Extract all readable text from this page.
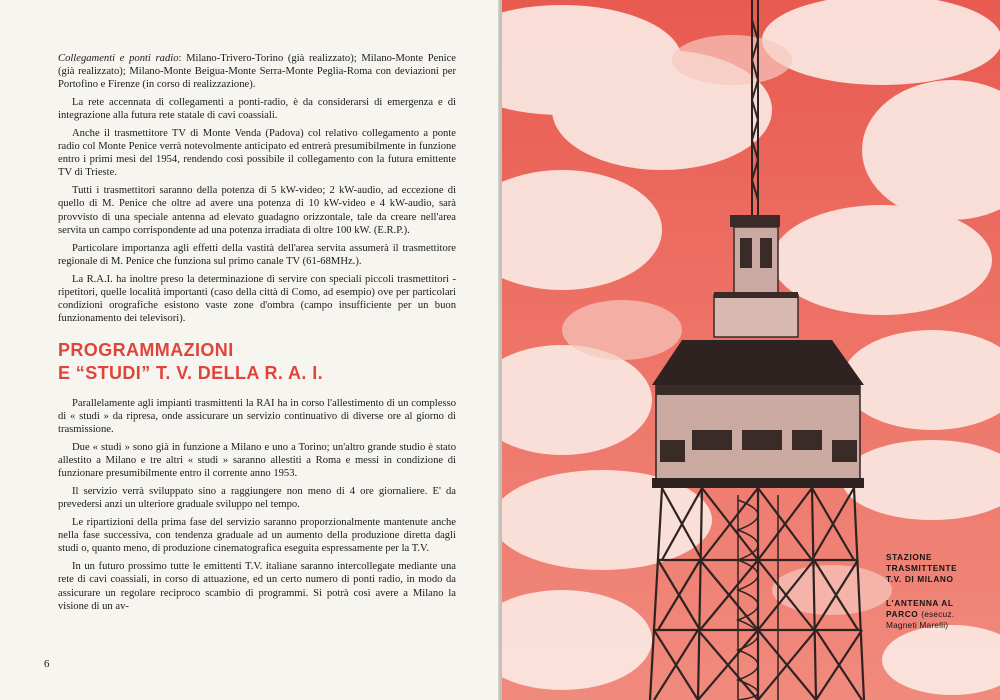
Collegamenti e ponti radio: Milano-Trivero-Torino (già realizzato); Milano-Monte Penice (già realizzato); Milano-Monte Beigua-Monte Serra-Monte Peglia-Roma con deviazioni per Portofino e Firenze (in corso di realizzazione).

La rete accennata di collegamenti a ponti-radio, è da considerarsi di emergenza e di integrazione alla futura rete statale di cavi coassiali.

Anche il trasmettitore TV di Monte Venda (Padova) col relativo collegamento a ponte radio col Monte Penice verrà notevolmente anticipato ed entrerà presumibilmente in funzione entro i primi mesi del 1954, rendendo così possibile il collegamento con la futura emittente TV di Trieste.

Tutti i trasmettitori saranno della potenza di 5 kW-video; 2 kW-audio, ad eccezione di quello di M. Penice che oltre ad avere una potenza di 10 kW-video e 4 kW-audio, sarà provvisto di una speciale antenna ad elevato guadagno orizzontale, tale da creare nell'area servita un campo corrispondente ad una potenza irradiata di oltre 100 kW. (E.R.P.).

Particolare importanza agli effetti della vastità dell'area servita assumerà il trasmettitore regionale di M. Penice che funziona sul primo canale TV (61-68MHz.).

La R.A.I. ha inoltre preso la determinazione di servire con speciali piccoli trasmettitori - ripetitori, quelle località importanti (caso della città di Como, ad esempio) ove per particolari condizioni orografiche esistono vaste zone d'ombra (campo insufficiente per un buon funzionamento dei televisori).

PROGRAMMAZIONI
E “STUDI” T. V. DELLA R. A. I.

Parallelamente agli impianti trasmittenti la RAI ha in corso l'allestimento di un complesso di « studi » da ripresa, onde assicurare un servizio continuativo di diverse ore al giorno di trasmissione.

Due « studi » sono già in funzione a Milano e uno a Torino; un'altro grande studio è stato allestito a Milano e tre altri « studi » saranno allestiti a Roma e messi in condizione di funzionare presumibilmente entro il corrente anno 1953.

Il servizio verrà sviluppato sino a raggiungere non meno di 4 ore giornaliere. E' da prevedersi anzi un ulteriore graduale sviluppo nel tempo.

Le ripartizioni della prima fase del servizio saranno proporzionalmente mantenute anche nella fase successiva, con tendenza graduale ad un aumento della produzione diretta dagli studi o, quanto meno, di produzione cinematografica eseguita espressamente per la T.V.

In un futuro prossimo tutte le emittenti T.V. italiane saranno intercollegate mediante una rete di cavi coassiali, in corso di attuazione, ed un certo numero di ponti radio, in modo da assicurare un regolare reciproco scambio di programmi. Si potrà così avere a Milano la visione di un av-

6
STAZIONE
TRASMITTENTE
T.V. DI MILANO
L'ANTENNA AL
PARCO (esecuz.
Magneti Marelli)
